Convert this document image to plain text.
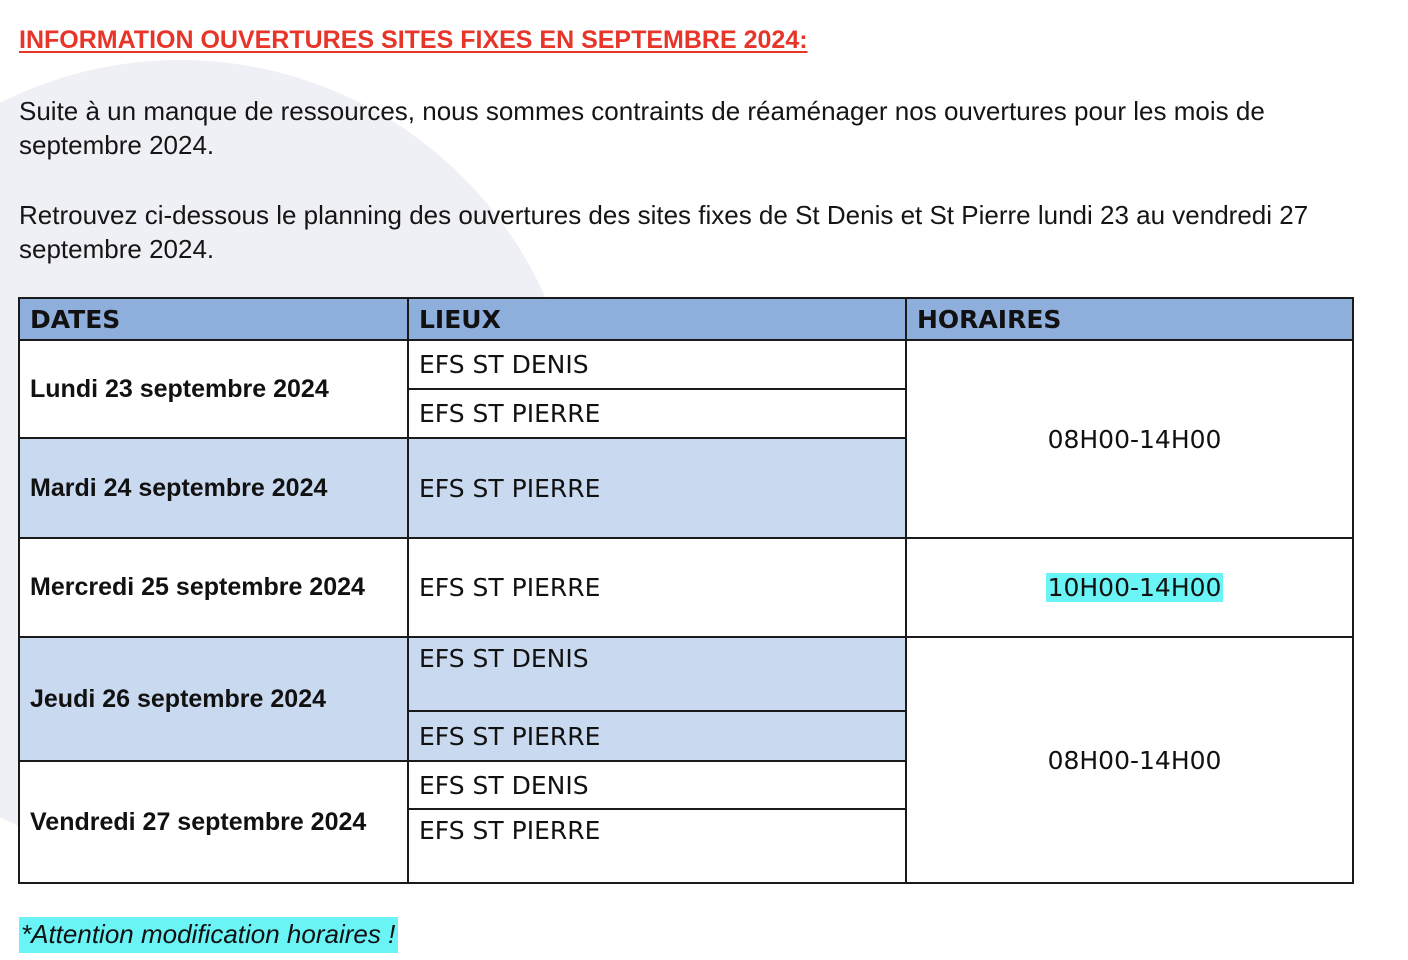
INFORMATION OUVERTURES SITES FIXES EN SEPTEMBRE 2024:

Suite à un manque de ressources, nous sommes contraints de réaménager nos ouvertures pour les mois de septembre 2024.

Retrouvez ci-dessous le planning des ouvertures des sites fixes de St Denis et St Pierre lundi 23 au vendredi 27 septembre 2024.

DATES	LIEUX	HORAIRES
Lundi 23 septembre 2024	EFS ST DENIS	08H00-14H00
	EFS ST PIERRE	
Mardi 24 septembre 2024	EFS ST PIERRE	

Mercredi 25 septembre 2024	EFS ST PIERRE	10H00-14H00
Jeudi 26 septembre 2024	EFS ST DENIS	08H00-14H00
	EFS ST PIERRE	
Vendredi 27 septembre 2024	EFS ST DENIS	
	EFS ST PIERRE	

*Attention modification horaires !
